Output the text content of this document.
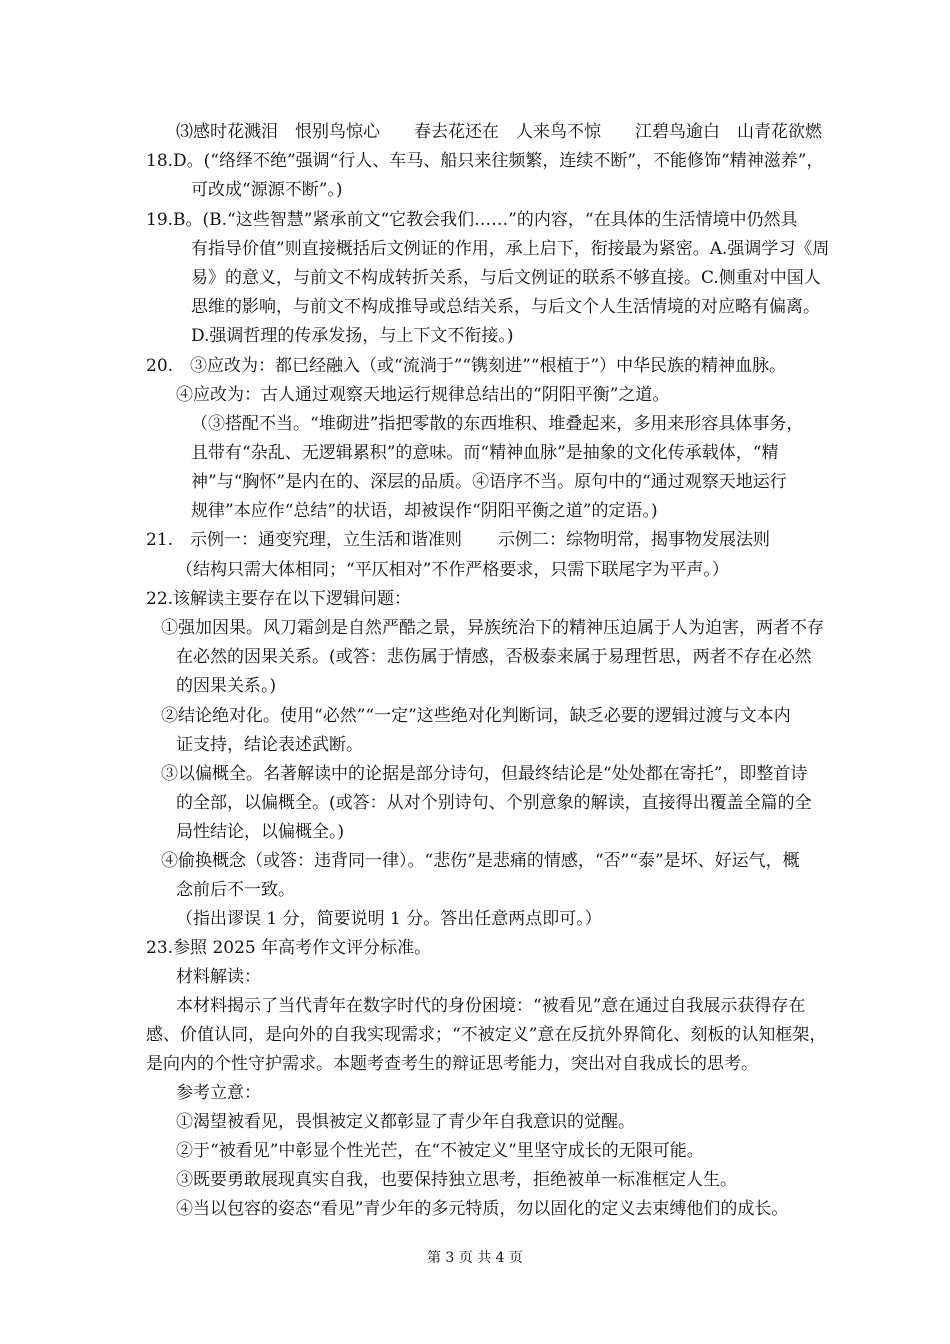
⑶感时花溅泪　恨别鸟惊心　　春去花还在　人来鸟不惊　　江碧鸟逾白　山青花欲燃
18.D。(“络绎不绝”强调“行人、车马、船只来往频繁，连续不断”，不能修饰“精神滋养”，
可改成“源源不断”。)
19.B。(B.“这些智慧”紧承前文“它教会我们……”的内容，“在具体的生活情境中仍然具
有指导价值”则直接概括后文例证的作用，承上启下，衔接最为紧密。A.强调学习《周
易》的意义，与前文不构成转折关系，与后文例证的联系不够直接。C.侧重对中国人
思维的影响，与前文不构成推导或总结关系，与后文个人生活情境的对应略有偏离。
D.强调哲理的传承发扬，与上下文不衔接。)
20.　③应改为：都已经融入（或“流淌于”“镌刻进”“根植于”）中华民族的精神血脉。
④应改为：古人通过观察天地运行规律总结出的“阴阳平衡”之道。
（③搭配不当。“堆砌进”指把零散的东西堆积、堆叠起来，多用来形容具体事务，
且带有“杂乱、无逻辑累积”的意味。而“精神血脉”是抽象的文化传承载体，“精
神”与“胸怀”是内在的、深层的品质。④语序不当。原句中的“通过观察天地运行
规律”本应作“总结”的状语，却被误作“阴阳平衡之道”的定语。)
21.　示例一：通变究理，立生活和谐准则 示例二：综物明常，揭事物发展法则
（结构只需大体相同；“平仄相对”不作严格要求，只需下联尾字为平声。）
22.该解读主要存在以下逻辑问题：
①强加因果。风刀霜剑是自然严酷之景，异族统治下的精神压迫属于人为迫害，两者不存
在必然的因果关系。(或答：悲伤属于情感，否极泰来属于易理哲思，两者不存在必然
的因果关系。)
②结论绝对化。使用“必然”“一定”这些绝对化判断词，缺乏必要的逻辑过渡与文本内
证支持，结论表述武断。
③以偏概全。名著解读中的论据是部分诗句，但最终结论是“处处都在寄托”，即整首诗
的全部，以偏概全。(或答：从对个别诗句、个别意象的解读，直接得出覆盖全篇的全
局性结论，以偏概全。)
④偷换概念（或答：违背同一律）。“悲伤”是悲痛的情感，“否”“泰”是坏、好运气，概
念前后不一致。
（指出谬误 1 分，简要说明 1 分。答出任意两点即可。）
23.参照 2025 年高考作文评分标准。
材料解读：
本材料揭示了当代青年在数字时代的身份困境：“被看见”意在通过自我展示获得存在
感、价值认同，是向外的自我实现需求；“不被定义”意在反抗外界简化、刻板的认知框架，
是向内的个性守护需求。本题考查考生的辩证思考能力，突出对自我成长的思考。
参考立意：
①渴望被看见，畏惧被定义都彰显了青少年自我意识的觉醒。
②于“被看见”中彰显个性光芒，在“不被定义”里坚守成长的无限可能。
③既要勇敢展现真实自我，也要保持独立思考，拒绝被单一标准框定人生。
④当以包容的姿态“看见”青少年的多元特质，勿以固化的定义去束缚他们的成长。
第 3 页 共 4 页
